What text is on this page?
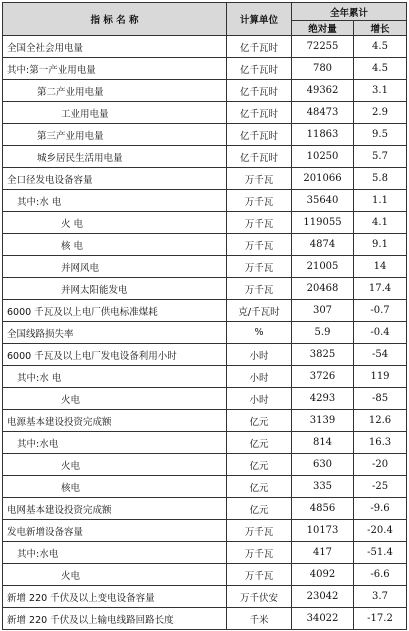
指 标 名 称	计算单位	全年累计	
		绝对量	增长
全国全社会用电量	亿千瓦时	72255	4.5
其中:第一产业用电量	亿千瓦时	780	4.5
第二产业用电量	亿千瓦时	49362	3.1
工业用电量	亿千瓦时	48473	2.9
第三产业用电量	亿千瓦时	11863	9.5
城乡居民生活用电量	亿千瓦时	10250	5.7
全口径发电设备容量	万千瓦	201066	5.8
其中:水 电	万千瓦	35640	1.1
火 电	万千瓦	119055	4.1
核 电	万千瓦	4874	9.1
并网风电	万千瓦	21005	14
并网太阳能发电	万千瓦	20468	17.4
6000 千瓦及以上电厂供电标准煤耗	克/千瓦时	307	-0.7
全国线路损失率	%	5.9	-0.4
6000 千瓦及以上电厂发电设备利用小时	小时	3825	-54
其中:水 电	小时	3726	119
火电	小时	4293	-85
电源基本建设投资完成额	亿元	3139	12.6
其中:水电	亿元	814	16.3
火电	亿元	630	-20
核电	亿元	335	-25
电网基本建设投资完成额	亿元	4856	-9.6
发电新增设备容量	万千瓦	10173	-20.4
其中:水电	万千瓦	417	-51.4
火电	万千瓦	4092	-6.6
新增 220 千伏及以上变电设备容量	万千伏安	23042	3.7
新增 220 千伏及以上输电线路回路长度	千米	34022	-17.2
